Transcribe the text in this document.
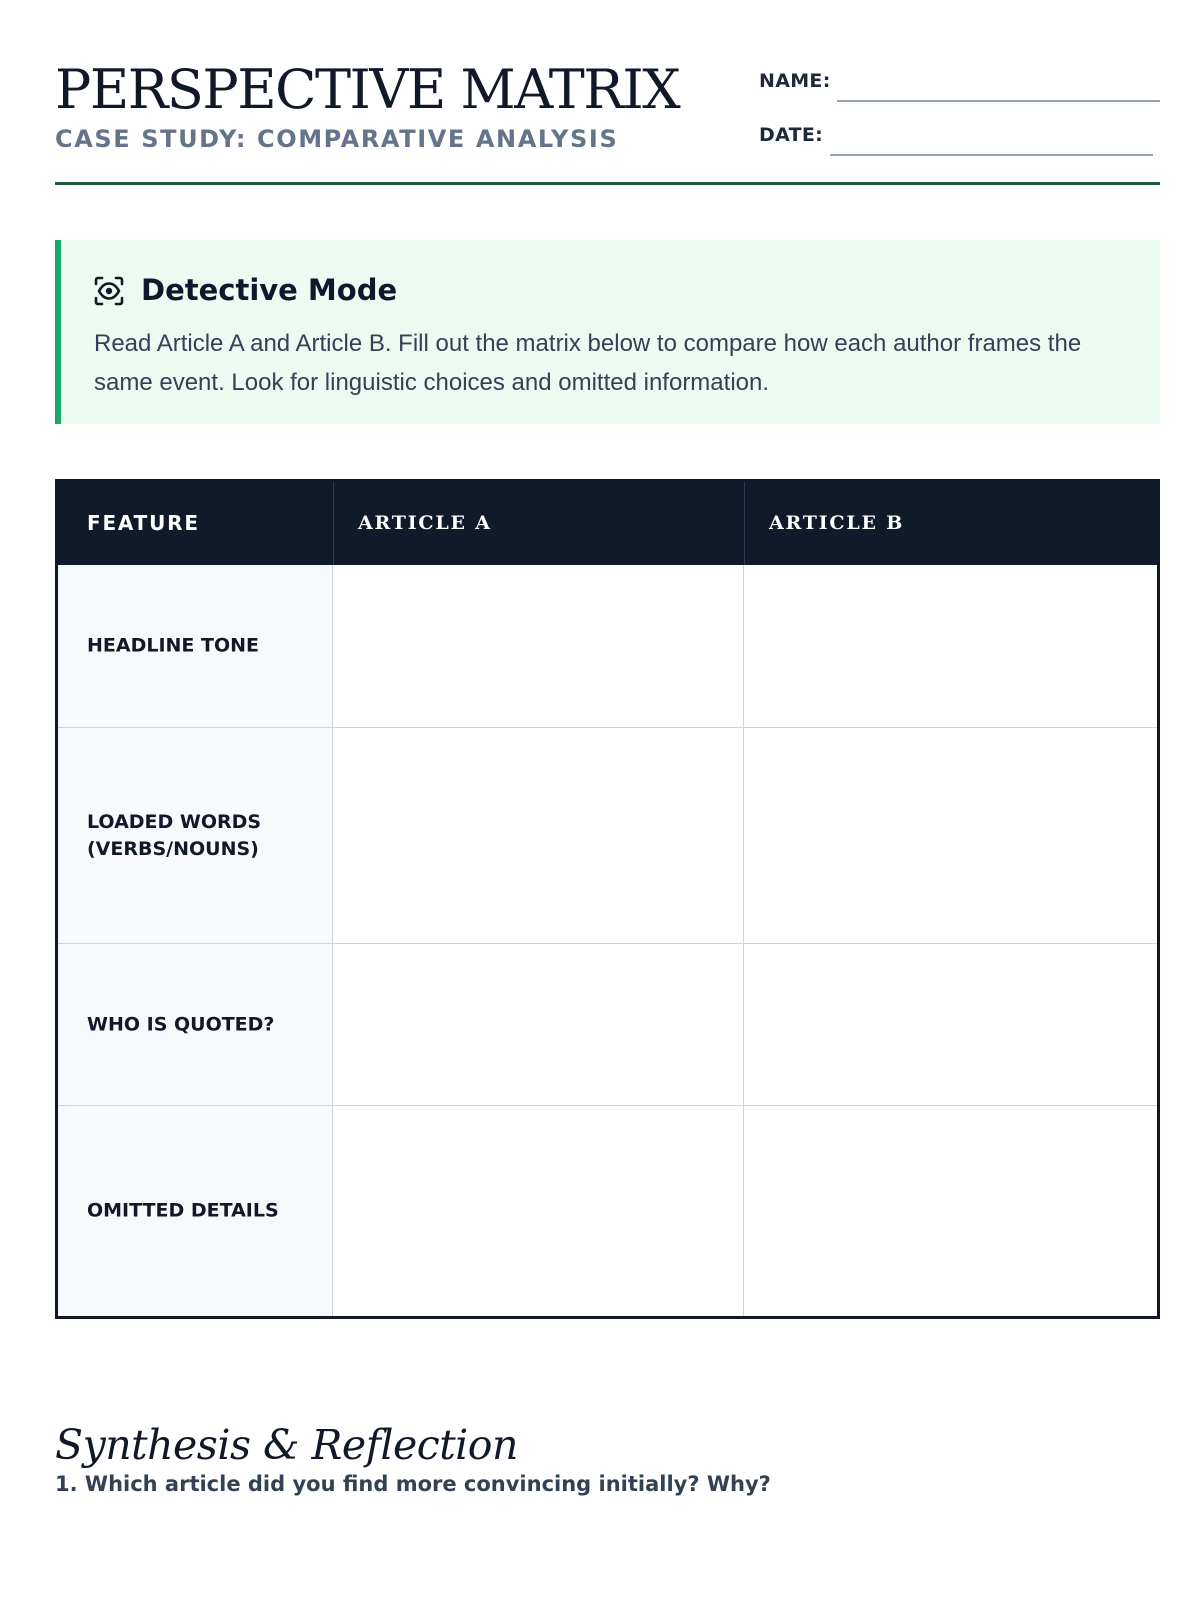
PERSPECTIVE MATRIX
CASE STUDY: COMPARATIVE ANALYSIS
NAME:
DATE:
Detective Mode
Read Article A and Article B. Fill out the matrix below to compare how each author frames the same event. Look for linguistic choices and omitted information.
FEATURE	ARTICLE A	ARTICLE B
HEADLINE TONE
LOADED WORDS
(VERBS/NOUNS)
WHO IS QUOTED?
OMITTED DETAILS
Synthesis & Reflection
1. Which article did you find more convincing initially? Why?
